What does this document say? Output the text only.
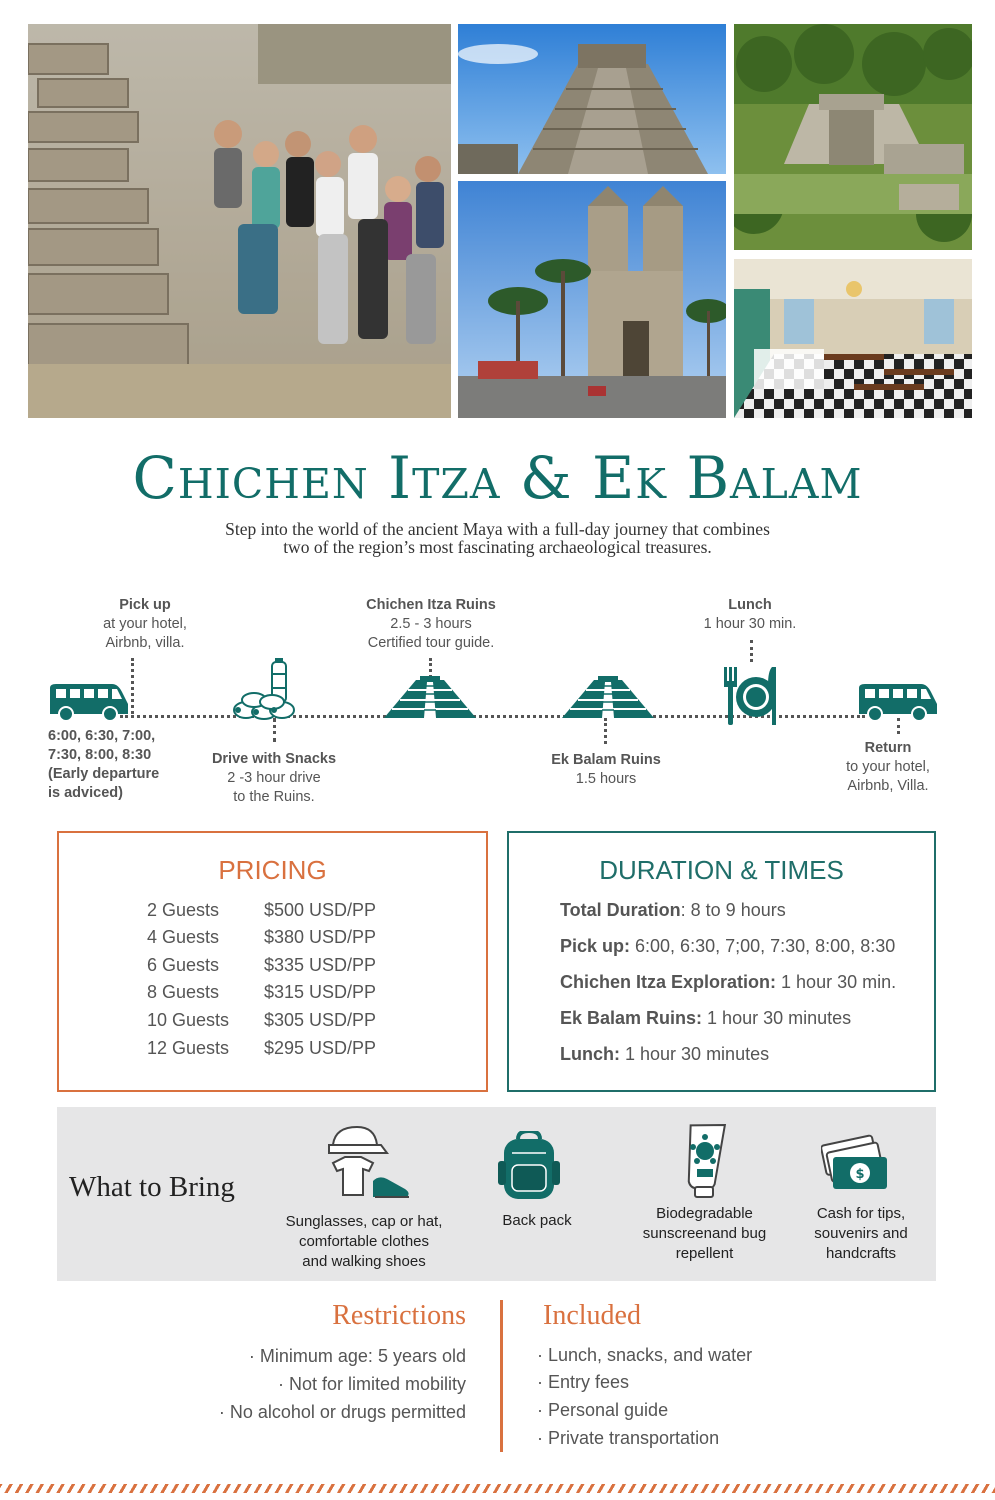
Chichen Itza & Ek Balam
Step into the world of the ancient Maya with a full-day journey that combines
two of the region’s most fascinating archaeological treasures.
Pick up
at your hotel,
Airbnb, villa.
6:00, 6:30, 7:00,
7:30, 8:00, 8:30
(Early departure
is adviced)
Drive with Snacks
2 -3 hour drive
to the Ruins.
Chichen Itza Ruins
2.5 - 3 hours
Certified tour guide.
Ek Balam Ruins
1.5 hours
Lunch
1 hour 30 min.
Return
to your hotel,
Airbnb, Villa.
PRICING
2 Guests $500 USD/PP
4 Guests $380 USD/PP
6 Guests $335 USD/PP
8 Guests $315 USD/PP
10 Guests $305 USD/PP
12 Guests $295 USD/PP
DURATION & TIMES
Total Duration: 8 to 9 hours
Pick up: 6:00, 6:30, 7;00, 7:30, 8:00, 8:30
Chichen Itza Exploration: 1 hour 30 min.
Ek Balam Ruins: 1 hour 30 minutes
Lunch: 1 hour 30 minutes
What to Bring
Sunglasses, cap or hat,
comfortable clothes
and walking shoes
Back pack	Biodegradable
sunscreenand bug
repellent
$
Cash for tips,
souvenirs and
handcrafts
Restrictions
· Minimum age: 5 years old
· Not for limited mobility
· No alcohol or drugs permitted
Included
· Lunch, snacks, and water
· Entry fees
· Personal guide
· Private transportation
